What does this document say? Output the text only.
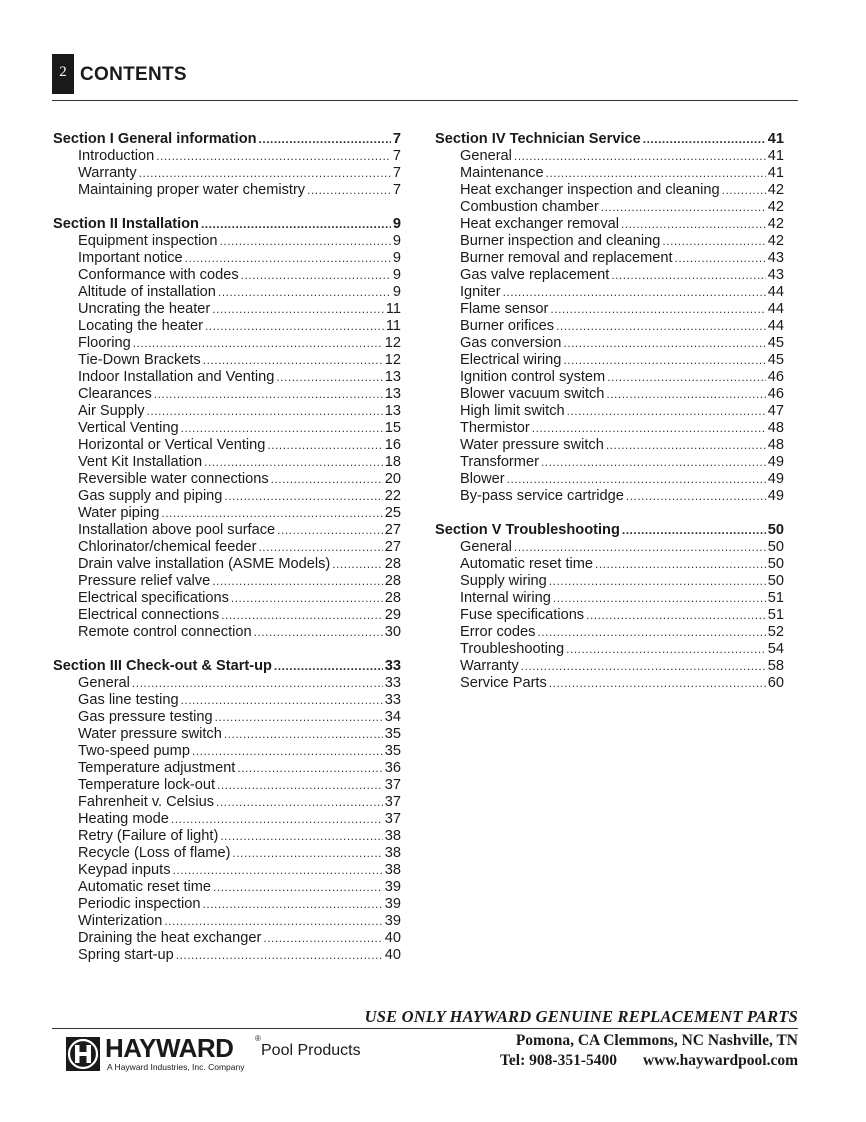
2 CONTENTS
Section I General information .....	7
Introduction .....	7
Warranty .....	7
Maintaining proper water chemistry .....	7
Section II Installation .....	9
Equipment inspection .....	9
Important notice .....	9
Conformance with codes .....	9
Altitude of installation .....	9
Uncrating the heater .....	11
Locating the heater .....	11
Flooring .....	12
Tie-Down Brackets .....	12
Indoor Installation and Venting .....	13
Clearances .....	13
Air Supply .....	13
Vertical Venting .....	15
Horizontal or Vertical Venting .....	16
Vent Kit Installation .....	18
Reversible water connections .....	20
Gas supply and piping .....	22
Water piping .....	25
Installation above pool surface .....	27
Chlorinator/chemical feeder .....	27
Drain valve installation (ASME Models) .....	28
Pressure relief valve .....	28
Electrical specifications .....	28
Electrical connections .....	29
Remote control connection .....	30
Section III Check-out & Start-up .....	33
General .....	33
Gas line testing .....	33
Gas pressure testing .....	34
Water pressure switch .....	35
Two-speed pump .....	35
Temperature adjustment .....	36
Temperature lock-out .....	37
Fahrenheit v. Celsius .....	37
Heating mode .....	37
Retry (Failure of light) .....	38
Recycle (Loss of flame) .....	38
Keypad inputs .....	38
Automatic reset time .....	39
Periodic inspection .....	39
Winterization .....	39
Draining the heat exchanger .....	40
Spring start-up .....	40
Section IV Technician Service .....	41
General .....	41
Maintenance .....	41
Heat exchanger inspection and cleaning .....	42
Combustion chamber .....	42
Heat exchanger removal .....	42
Burner inspection and cleaning .....	42
Burner removal and replacement .....	43
Gas valve replacement .....	43
Igniter .....	44
Flame sensor .....	44
Burner orifices .....	44
Gas conversion .....	45
Electrical wiring .....	45
Ignition control system .....	46
Blower vacuum switch .....	46
High limit switch .....	47
Thermistor .....	48
Water pressure switch .....	48
Transformer .....	49
Blower .....	49
By-pass service cartridge .....	49
Section V Troubleshooting .....	50
General .....	50
Automatic reset time .....	50
Supply wiring .....	50
Internal wiring .....	51
Fuse specifications .....	51
Error codes .....	52
Troubleshooting .....	54
Warranty .....	58
Service Parts .....	60
USE ONLY HAYWARD GENUINE REPLACEMENT PARTS
HAYWARD	®
Pool Products
A Hayward Industries, Inc. Company
Pomona, CA Clemmons, NC Nashville, TN
Tel: 908-351-5400 www.haywardpool.com
